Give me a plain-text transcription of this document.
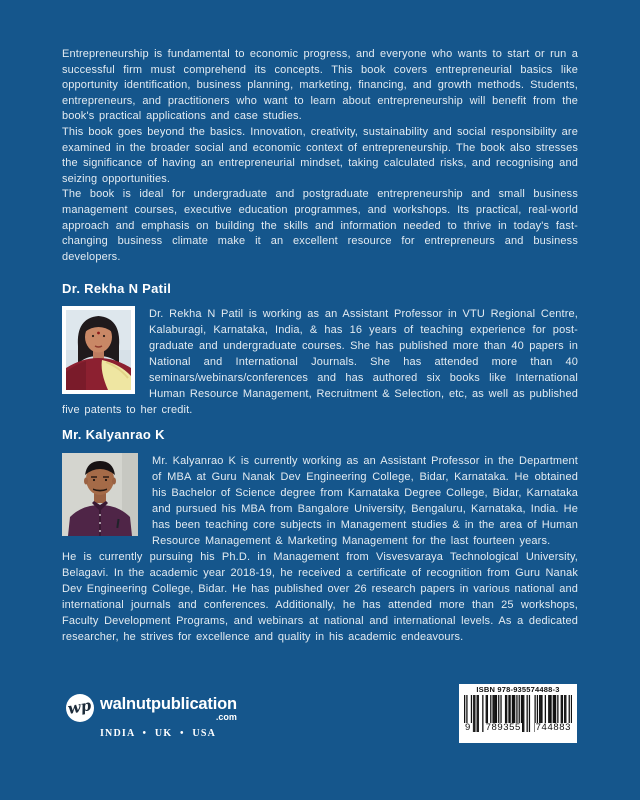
Entrepreneurship is fundamental to economic progress, and everyone who wants to start or run a successful firm must comprehend its concepts. This book covers entrepreneurial basics like opportunity identification, business planning, marketing, financing, and growth methods. Students, entrepreneurs, and practitioners who want to learn about entrepreneurship will benefit from the book's practical applications and case studies.

This book goes beyond the basics. Innovation, creativity, sustainability and social responsibility are examined in the broader social and economic context of entrepreneurship. The book also stresses the significance of having an entrepreneurial mindset, taking calculated risks, and recognising and seizing opportunities.

The book is ideal for undergraduate and postgraduate entrepreneurship and small business management courses, executive education programmes, and workshops. Its practical, real-world approach and emphasis on building the skills and information needed to thrive in today's fast-changing business climate make it an excellent resource for entrepreneurs and business developers.

Dr. Rekha N Patil

Dr. Rekha N Patil is working as an Assistant Professor in VTU Regional Centre, Kalaburagi, Karnataka, India, & has 16 years of teaching experience for post-graduate and undergraduate courses. She has published more than 40 papers in National and International Journals. She has attended more than 40 seminars/webinars/conferences and has authored six books like International Human Resource Management, Recruitment & Selection, etc, as well as published five patents to her credit.

Mr. Kalyanrao K

Mr. Kalyanrao K is currently working as an Assistant Professor in the Department of MBA at Guru Nanak Dev Engineering College, Bidar, Karnataka. He obtained his Bachelor of Science degree from Karnataka Degree College, Bidar, Karnataka and pursued his MBA from Bangalore University, Bengaluru, Karnataka, India. He has been teaching core subjects in Management studies & in the area of Human Resource Management & Marketing Management for the last fourteen years.

He is currently pursuing his Ph.D. in Management from Visvesvaraya Technological University, Belagavi. In the academic year 2018-19, he received a certificate of recognition from Guru Nanak Dev Engineering College, Bidar. He has published over 26 research papers in various national and international journals and conferences. Additionally, he has attended more than 25 workshops, Faculty Development Programs, and webinars at national and international levels. As a dedicated researcher, he strives for excellence and quality in his academic endeavours.

wp walnutpublication
.com
INDIA • UK • USA
ISBN 978-935574488-3
9 789355 744883
